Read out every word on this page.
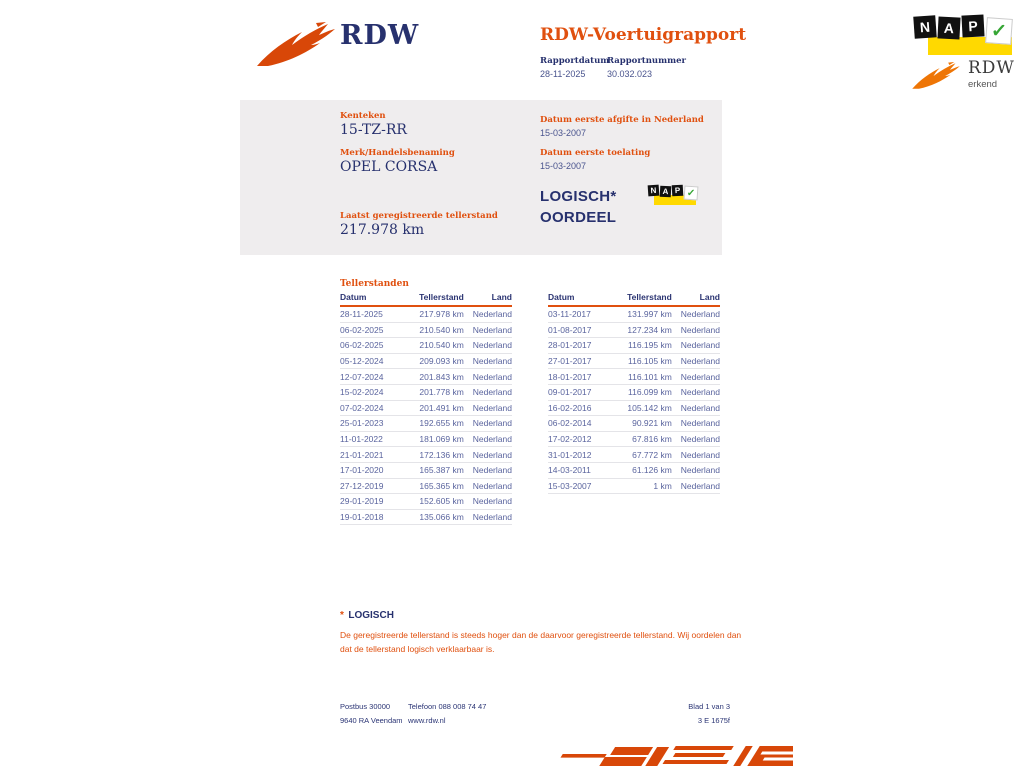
RDW	RDW-Voertuigrapport
Rapportdatum
28-11-2025
Rapportnummer
30.032.023
N A P ✓
RDW
erkend
Kenteken
15-TZ-RR
Merk/Handelsbenaming
OPEL CORSA
Laatst geregistreerde tellerstand
217.978 km
Datum eerste afgifte in Nederland
15-03-2007
Datum eerste toelating
15-03-2007
LOGISCH*
OORDEEL
N A P ✓
Tellerstanden
Datum	Tellerstand	Land
28-11-2025	217.978 km	Nederland
06-02-2025	210.540 km	Nederland
06-02-2025	210.540 km	Nederland
05-12-2024	209.093 km	Nederland
12-07-2024	201.843 km	Nederland
15-02-2024	201.778 km	Nederland
07-02-2024	201.491 km	Nederland
25-01-2023	192.655 km	Nederland
11-01-2022	181.069 km	Nederland
21-01-2021	172.136 km	Nederland
17-01-2020	165.387 km	Nederland
27-12-2019	165.365 km	Nederland
29-01-2019	152.605 km	Nederland
19-01-2018	135.066 km	Nederland
Datum	Tellerstand	Land
03-11-2017	131.997 km	Nederland
01-08-2017	127.234 km	Nederland
28-01-2017	116.195 km	Nederland
27-01-2017	116.105 km	Nederland
18-01-2017	116.101 km	Nederland
09-01-2017	116.099 km	Nederland
16-02-2016	105.142 km	Nederland
06-02-2014	90.921 km	Nederland
17-02-2012	67.816 km	Nederland
31-01-2012	67.772 km	Nederland
14-03-2011	61.126 km	Nederland
15-03-2007	1 km	Nederland
* LOGISCH
De geregistreerde tellerstand is steeds hoger dan de daarvoor geregistreerde tellerstand. Wij oordelen dan
dat de tellerstand logisch verklaarbaar is.
Postbus 30000
9640 RA Veendam
Telefoon 088 008 74 47
www.rdw.nl
Blad 1 van 3
3 E 1675f
